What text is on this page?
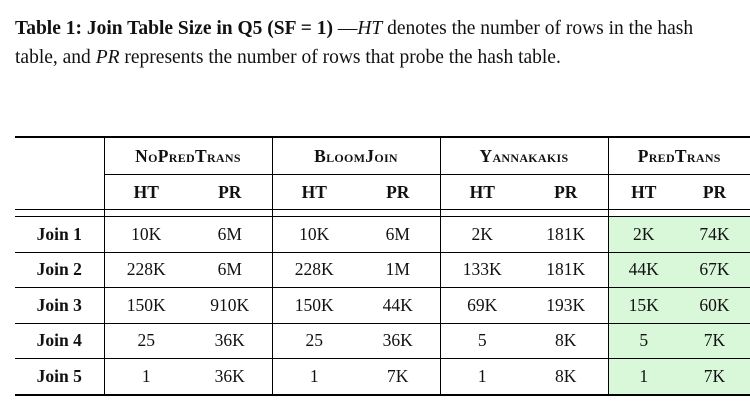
Table 1: Join Table Size in Q5 (SF = 1) —HT denotes the number of rows in the hash table, and PR represents the number of rows that probe the hash table.

	NoPredTrans		BloomJoin		Yannakakis		PredTrans	
	HT	PR	HT	PR	HT	PR	HT	PR

Join 1	10K	6M	10K	6M	2K	181K	2K	74K
Join 2	228K	6M	228K	1M	133K	181K	44K	67K
Join 3	150K	910K	150K	44K	69K	193K	15K	60K
Join 4	25	36K	25	36K	5	8K	5	7K
Join 5	1	36K	1	7K	1	8K	1	7K
